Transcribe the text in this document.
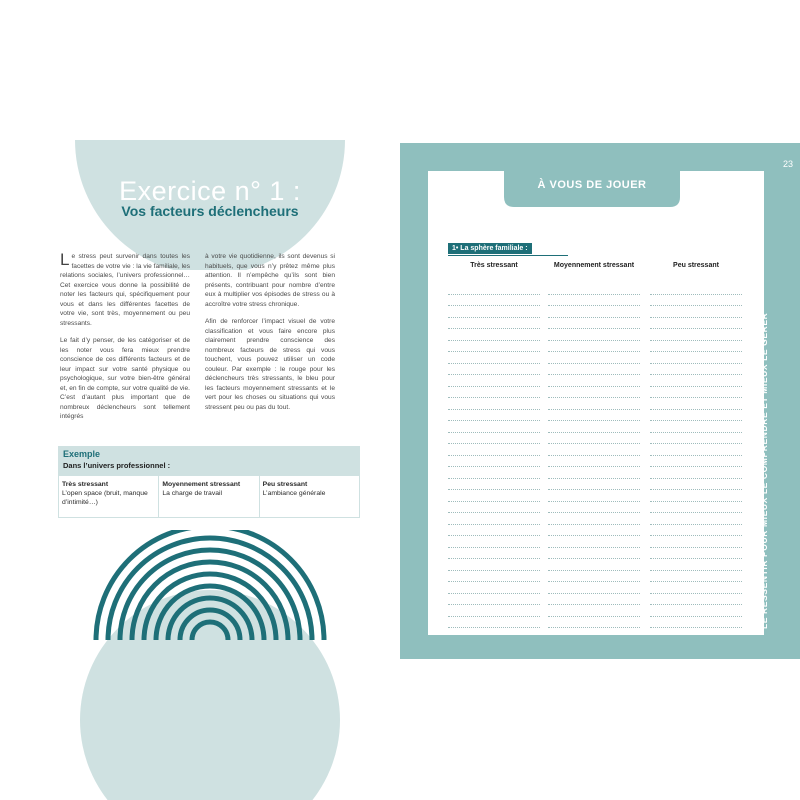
Exercice n° 1 :
Vos facteurs déclencheurs

Le stress peut survenir dans toutes les facettes de votre vie : la vie familiale, les relations sociales, l’univers professionnel… Cet exercice vous donne la possibilité de noter les facteurs qui, spécifiquement pour vous et dans les différentes facettes de votre vie, sont très, moyennement ou peu stressants.

Le fait d’y penser, de les catégoriser et de les noter vous fera mieux prendre conscience de ces différents facteurs et de leur impact sur votre santé physique ou psychologique, sur votre bien-être général et, en fin de compte, sur votre qualité de vie. C’est d’autant plus important que de nombreux déclencheurs sont tellement intégrés

à votre vie quotidienne, ils sont devenus si habituels, que vous n’y prêtez même plus attention. Il n’empêche qu’ils sont bien présents, contribuant pour nombre d’entre eux à multiplier vos épisodes de stress ou à accroître votre stress chronique.

Afin de renforcer l’impact visuel de votre classification et vous faire encore plus clairement prendre conscience des nombreux facteurs de stress qui vous touchent, vous pouvez utiliser un code couleur. Par exemple : le rouge pour les déclencheurs très stressants, le bleu pour les facteurs moyennement stressants et le vert pour les choses ou situations qui vous stressent peu ou pas du tout.

Exemple
Dans l’univers professionnel :
Très stressant
L’open space (bruit, manque d’intimité…)
Moyennement stressant
La charge de travail
Peu stressant
L’ambiance générale
23
1• La sphère familiale :
Très stressant	Moyennement stressant	Peu stressant
À VOUS DE JOUER
LE RESSENTIR POUR MIEUX LE COMPRENDRE ET MIEUX LE GÉRER
